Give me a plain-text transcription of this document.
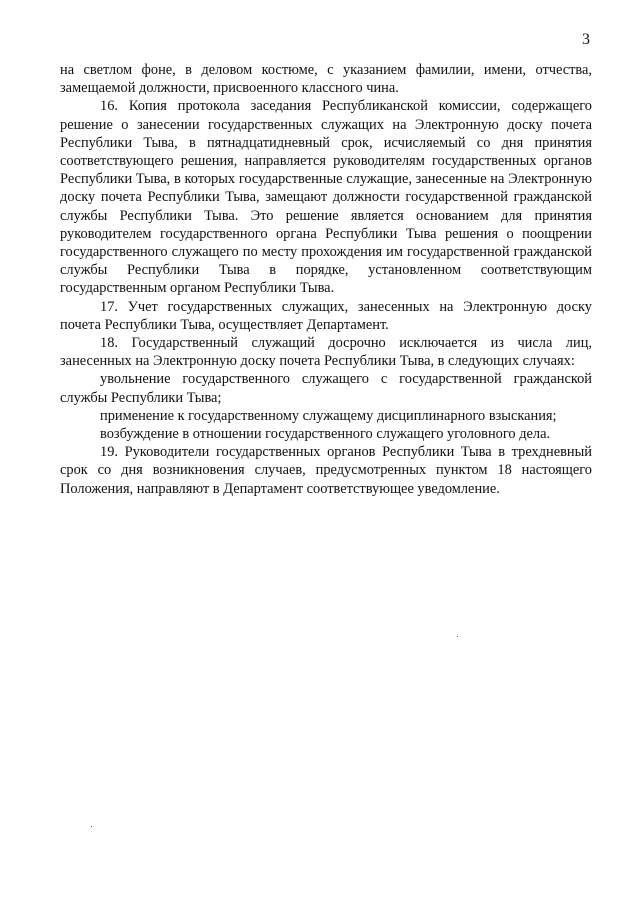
3

на светлом фоне, в деловом костюме, с указанием фамилии, имени, отчества, замещаемой должности, присвоенного классного чина.

16. Копия протокола заседания Республиканской комиссии, содержащего решение о занесении государственных служащих на Электронную доску почета Республики Тыва, в пятнадцатидневный срок, исчисляемый со дня принятия соответствующего решения, направляется руководителям государственных органов Республики Тыва, в которых государственные служащие, занесенные на Электронную доску почета Республики Тыва, замещают должности государственной гражданской службы Республики Тыва. Это решение является основанием для принятия руководителем государственного органа Республики Тыва решения о поощрении государственного служащего по месту прохождения им государственной гражданской службы Республики Тыва в порядке, установленном соответствующим государственным органом Республики Тыва.

17. Учет государственных служащих, занесенных на Электронную доску почета Республики Тыва, осуществляет Департамент.

18. Государственный служащий досрочно исключается из числа лиц, занесенных на Электронную доску почета Республики Тыва, в следующих случаях:

увольнение государственного служащего с государственной гражданской службы Республики Тыва;

применение к государственному служащему дисциплинарного взыскания;

возбуждение в отношении государственного служащего уголовного дела.

19. Руководители государственных органов Республики Тыва в трехдневный срок со дня возникновения случаев, предусмотренных пунктом 18 настоящего Положения, направляют в Департамент соответствующее уведомление.
